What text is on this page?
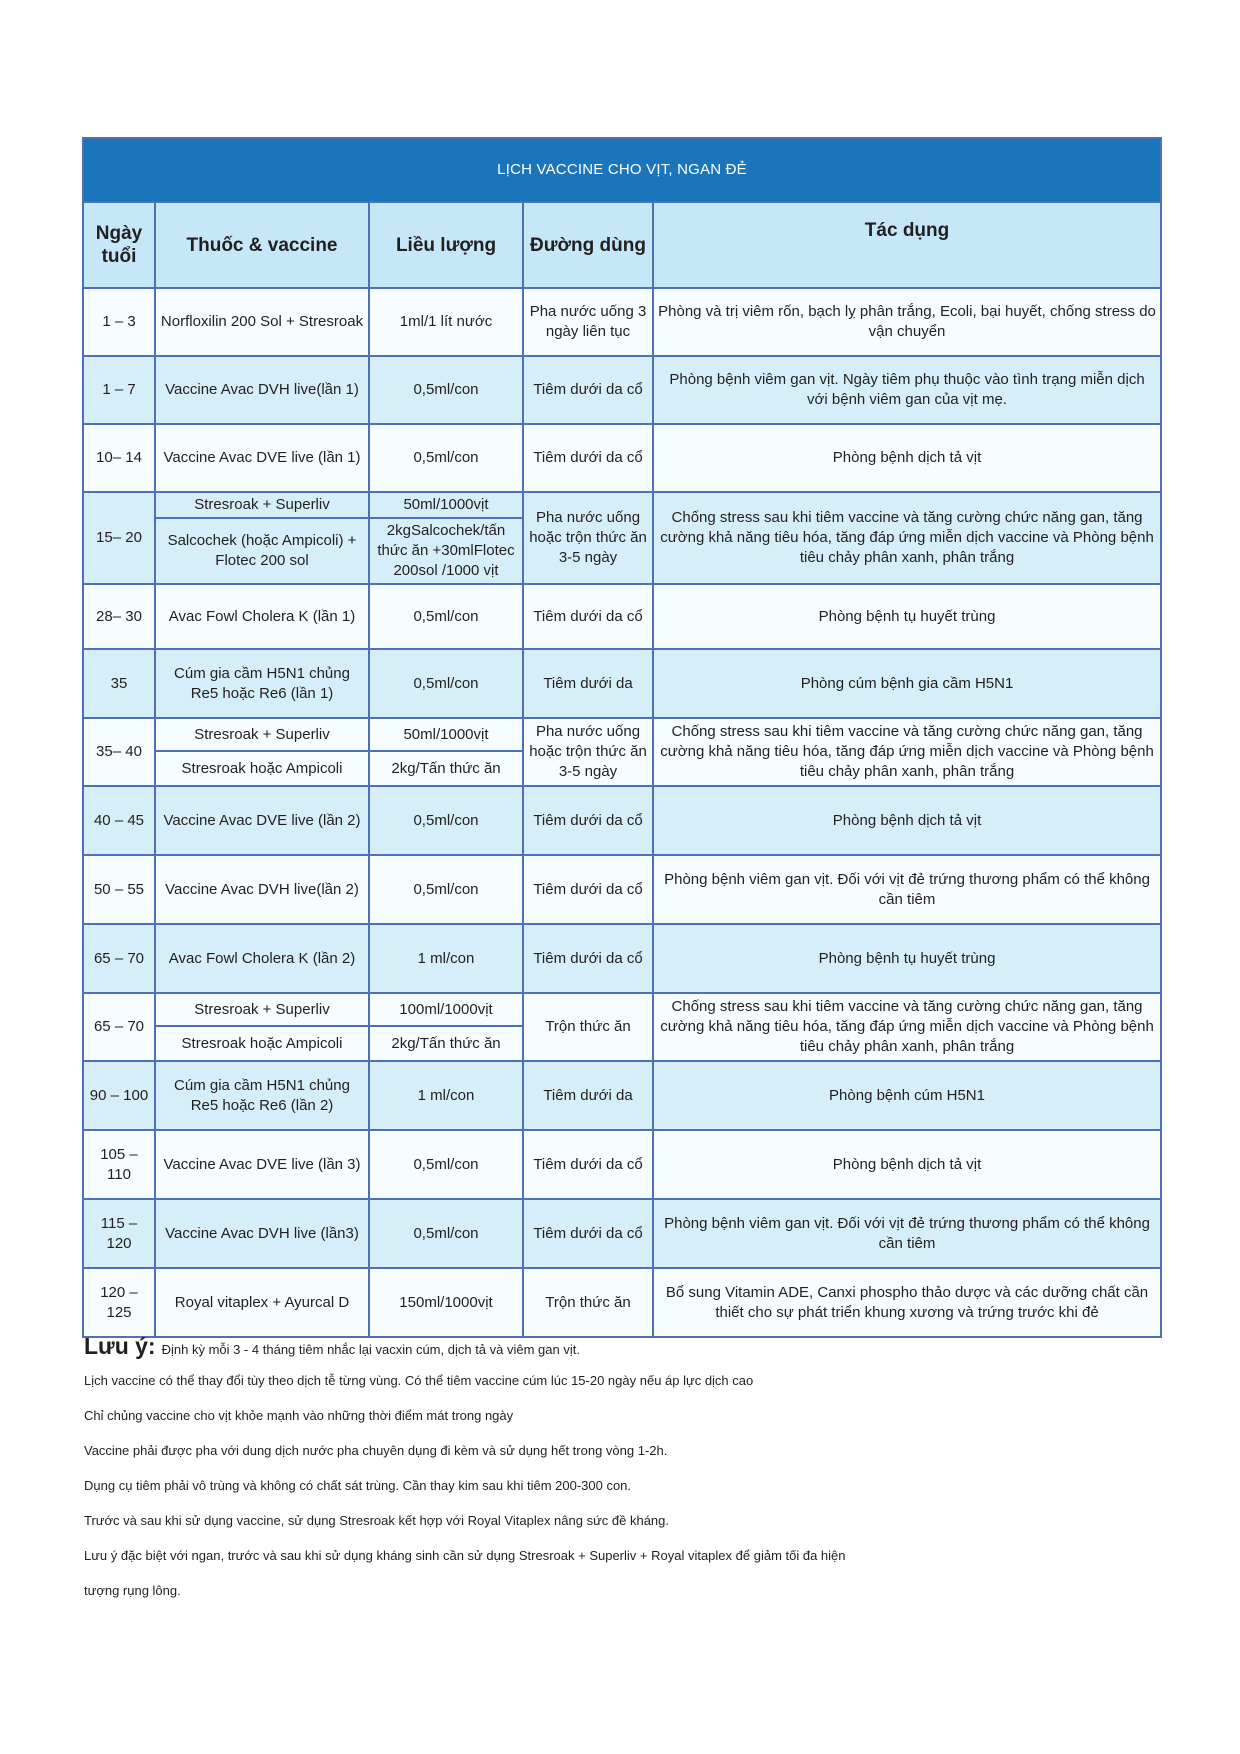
LỊCH VACCINE CHO VỊT, NGAN ĐẺ				
Ngày
tuổi	Thuốc & vaccine	Liều lượng	Đường dùng	Tác dụng
1 – 3	Norfloxilin 200 Sol + Stresroak	1ml/1 lít nước	Pha nước uống 3 ngày liên tục	Phòng và trị viêm rốn, bạch lỵ phân trắng, Ecoli, bại huyết, chống stress do vận chuyển
1 – 7	Vaccine Avac DVH live(lần 1)	0,5ml/con	Tiêm dưới da cổ	Phòng bệnh viêm gan vịt. Ngày tiêm phụ thuộc vào tình trạng miễn dịch với bệnh viêm gan của vịt mẹ.
10– 14	Vaccine Avac DVE live (lần 1)	0,5ml/con	Tiêm dưới da cổ	Phòng bệnh dịch tả vịt
15– 20	Stresroak + Superliv	50ml/1000vịt	Pha nước uống hoặc trộn thức ăn 3-5 ngày	Chống stress sau khi tiêm vaccine và tăng cường chức năng gan, tăng cường khả năng tiêu hóa, tăng đáp ứng miễn dịch vaccine và Phòng bệnh tiêu chảy phân xanh, phân trắng
	Salcochek (hoặc Ampicoli) + Flotec 200 sol	2kgSalcochek/tấn thức ăn +30mlFlotec 200sol /1000 vịt		
28– 30	Avac Fowl Cholera K (lần 1)	0,5ml/con	Tiêm dưới da cổ	Phòng bệnh tụ huyết trùng
35	Cúm gia cầm H5N1 chủng Re5 hoặc Re6 (lần 1)	0,5ml/con	Tiêm dưới da	Phòng cúm bệnh gia cầm H5N1
35– 40	Stresroak + Superliv	50ml/1000vịt	Pha nước uống hoặc trộn thức ăn 3-5 ngày	Chống stress sau khi tiêm vaccine và tăng cường chức năng gan, tăng cường khả năng tiêu hóa, tăng đáp ứng miễn dịch vaccine và Phòng bệnh tiêu chảy phân xanh, phân trắng
	Stresroak hoặc Ampicoli	2kg/Tấn thức ăn		
40 – 45	Vaccine Avac DVE live (lần 2)	0,5ml/con	Tiêm dưới da cổ	Phòng bệnh dịch tả vịt
50 – 55	Vaccine Avac DVH live(lần 2)	0,5ml/con	Tiêm dưới da cổ	Phòng bệnh viêm gan vịt. Đối với vịt đẻ trứng thương phẩm có thể không cần tiêm
65 – 70	Avac Fowl Cholera K (lần 2)	1 ml/con	Tiêm dưới da cổ	Phòng bệnh tụ huyết trùng
65 – 70	Stresroak + Superliv	100ml/1000vịt	Trộn thức ăn	Chống stress sau khi tiêm vaccine và tăng cường chức năng gan, tăng cường khả năng tiêu hóa, tăng đáp ứng miễn dịch vaccine và Phòng bệnh tiêu chảy phân xanh, phân trắng
	Stresroak hoặc Ampicoli	2kg/Tấn thức ăn		
90 – 100	Cúm gia cầm H5N1 chủng Re5 hoặc Re6 (lần 2)	1 ml/con	Tiêm dưới da	Phòng bệnh cúm H5N1
105 – 110	Vaccine Avac DVE live (lần 3)	0,5ml/con	Tiêm dưới da cổ	Phòng bệnh dịch tả vịt
115 – 120	Vaccine Avac DVH live (lần3)	0,5ml/con	Tiêm dưới da cổ	Phòng bệnh viêm gan vịt. Đối với vịt đẻ trứng thương phẩm có thể không cần tiêm
120 – 125	Royal vitaplex + Ayurcal D	150ml/1000vịt	Trộn thức ăn	Bổ sung Vitamin ADE, Canxi phospho thảo dược và các dưỡng chất cần thiết cho sự phát triển khung xương và trứng trước khi đẻ
Lưu ý: Định kỳ mỗi 3 - 4 tháng tiêm nhắc lại vacxin cúm, dịch tả và viêm gan vịt.
Lịch vaccine có thể thay đổi tùy theo dịch tễ từng vùng. Có thể tiêm vaccine cúm lúc 15-20 ngày nếu áp lực dịch cao
Chỉ chủng vaccine cho vịt khỏe mạnh vào những thời điểm mát trong ngày
Vaccine phải được pha với dung dịch nước pha chuyên dụng đi kèm và sử dụng hết trong vòng 1-2h.
Dụng cụ tiêm phải vô trùng và không có chất sát trùng. Cần thay kim sau khi tiêm 200-300 con.
Trước và sau khi sử dụng vaccine, sử dụng Stresroak kết hợp với Royal Vitaplex nâng sức đề kháng.
Lưu ý đặc biệt với ngan, trước và sau khi sử dụng kháng sinh cần sử dụng Stresroak + Superliv + Royal vitaplex để giảm tối đa hiện
tượng rụng lông.
